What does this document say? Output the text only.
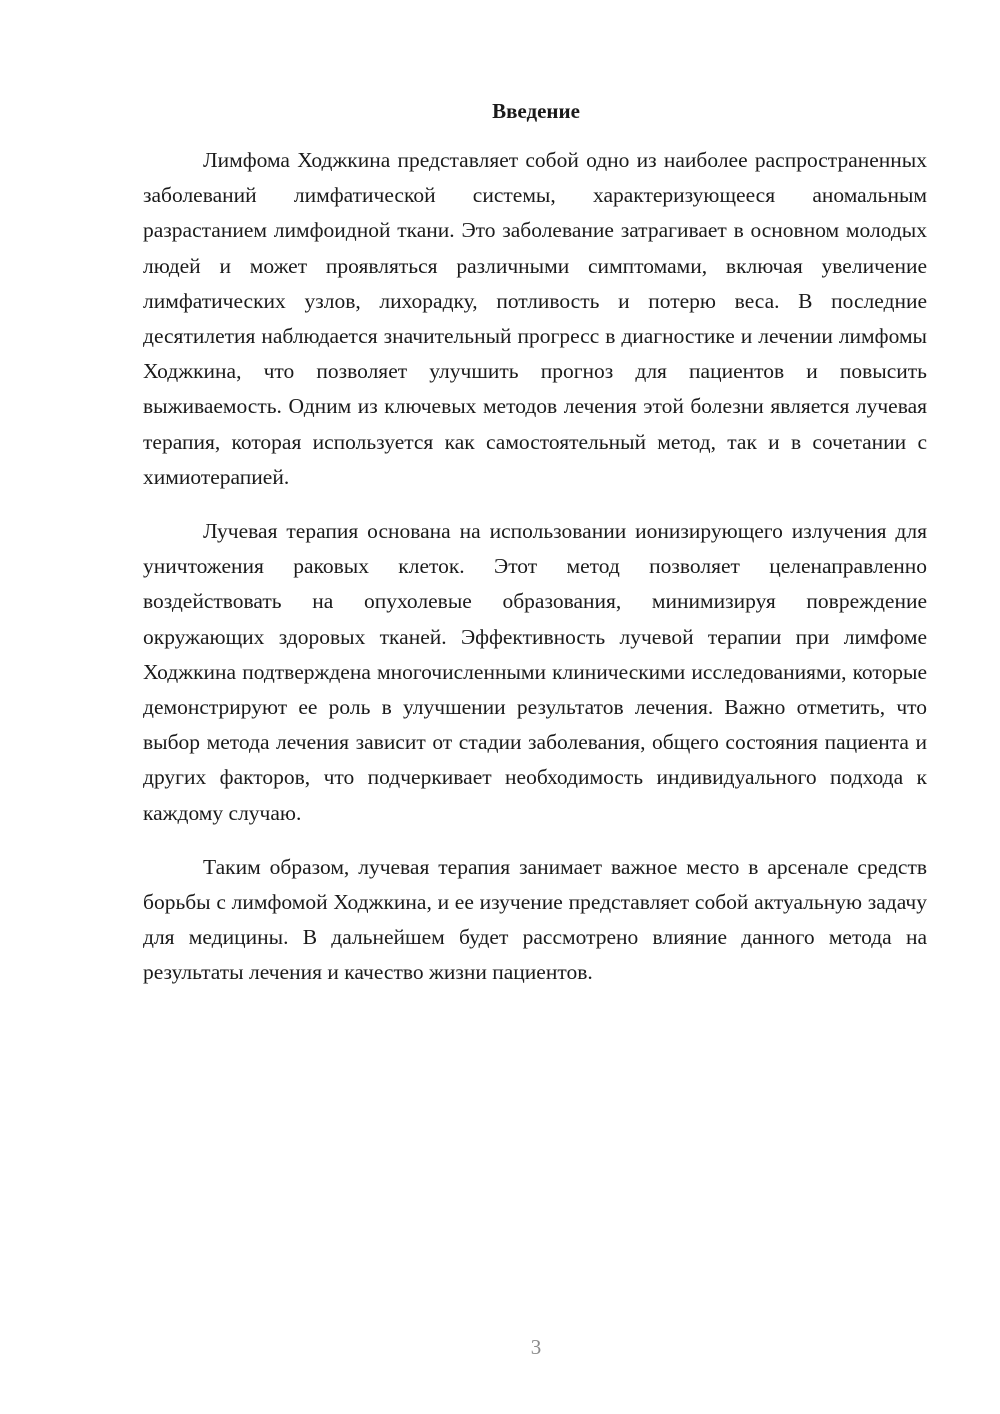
Введение

Лимфома Ходжкина представляет собой одно из наиболее распространенных заболеваний лимфатической системы, характеризующееся аномальным разрастанием лимфоидной ткани. Это заболевание затрагивает в основном молодых людей и может проявляться различными симптомами, включая увеличение лимфатических узлов, лихорадку, потливость и потерю веса. В последние десятилетия наблюдается значительный прогресс в диагностике и лечении лимфомы Ходжкина, что позволяет улучшить прогноз для пациентов и повысить выживаемость. Одним из ключевых методов лечения этой болезни является лучевая терапия, которая используется как самостоятельный метод, так и в сочетании с химиотерапией.

Лучевая терапия основана на использовании ионизирующего излучения для уничтожения раковых клеток. Этот метод позволяет целенаправленно воздействовать на опухолевые образования, минимизируя повреждение окружающих здоровых тканей. Эффективность лучевой терапии при лимфоме Ходжкина подтверждена многочисленными клиническими исследованиями, которые демонстрируют ее роль в улучшении результатов лечения. Важно отметить, что выбор метода лечения зависит от стадии заболевания, общего состояния пациента и других факторов, что подчеркивает необходимость индивидуального подхода к каждому случаю.

Таким образом, лучевая терапия занимает важное место в арсенале средств борьбы с лимфомой Ходжкина, и ее изучение представляет собой актуальную задачу для медицины. В дальнейшем будет рассмотрено влияние данного метода на результаты лечения и качество жизни пациентов.

3
